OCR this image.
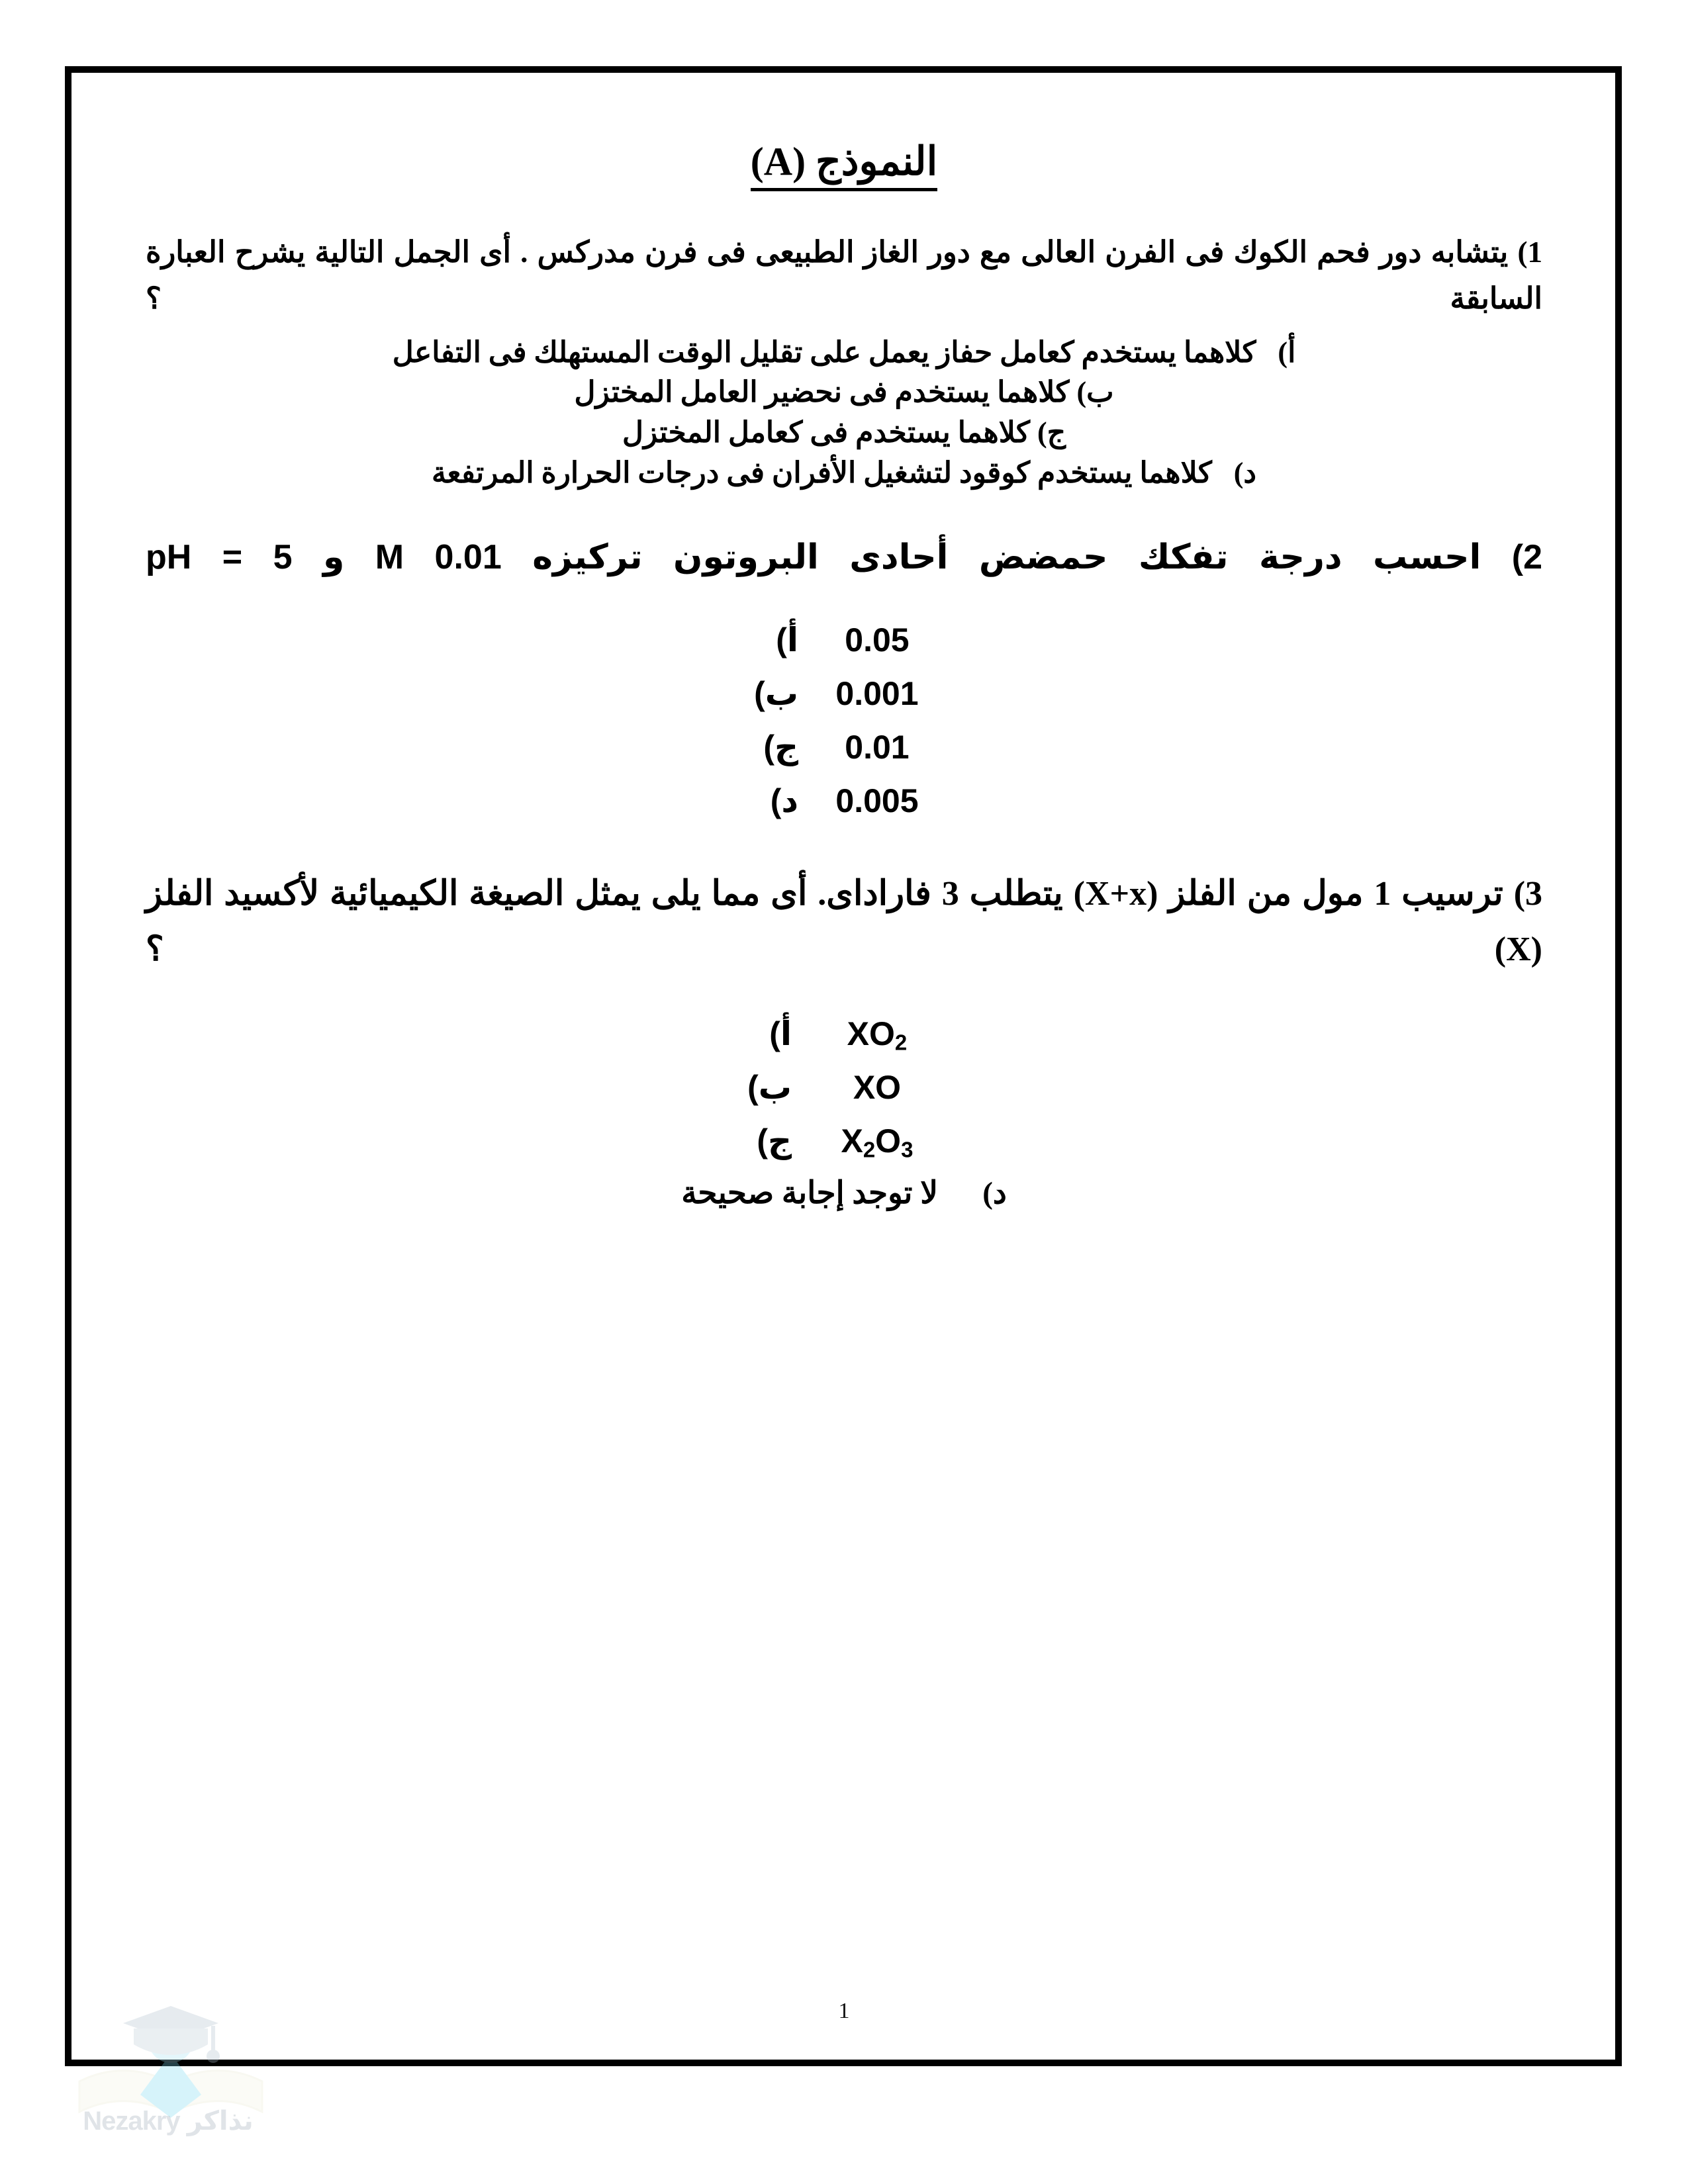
النموذج (A)
1) يتشابه دور فحم الكوك فى الفرن العالى مع دور الغاز الطبيعى فى فرن مدركس . أى الجمل التالية يشرح العبارة السابقة ؟
أ)   كلاهما يستخدم كعامل حفاز يعمل على تقليل الوقت المستهلك فى التفاعل
ب) كلاهما يستخدم فى نحضير العامل المختزل
ج) كلاهما يستخدم فى كعامل المختزل
د)   كلاهما يستخدم كوقود لتشغيل الأفران فى درجات الحرارة المرتفعة
2) احسب درجة تفكك حمضض أحادى البروتون تركيزه 0.01 M و pH = 5
0.05 أ)
0.001 ب)
0.01 ج)
0.005 د)
3) ترسيب 1 مول من الفلز (X+x) يتطلب 3 فاراداى. أى مما يلى يمثل الصيغة الكيميائية لأكسيد الفلز (X) ؟
$XO_2$ أ)
XO ب)
$X_2O_3$ ج)
د) لا توجد إجابة صحيحة
1
نذاكر Nezakry
